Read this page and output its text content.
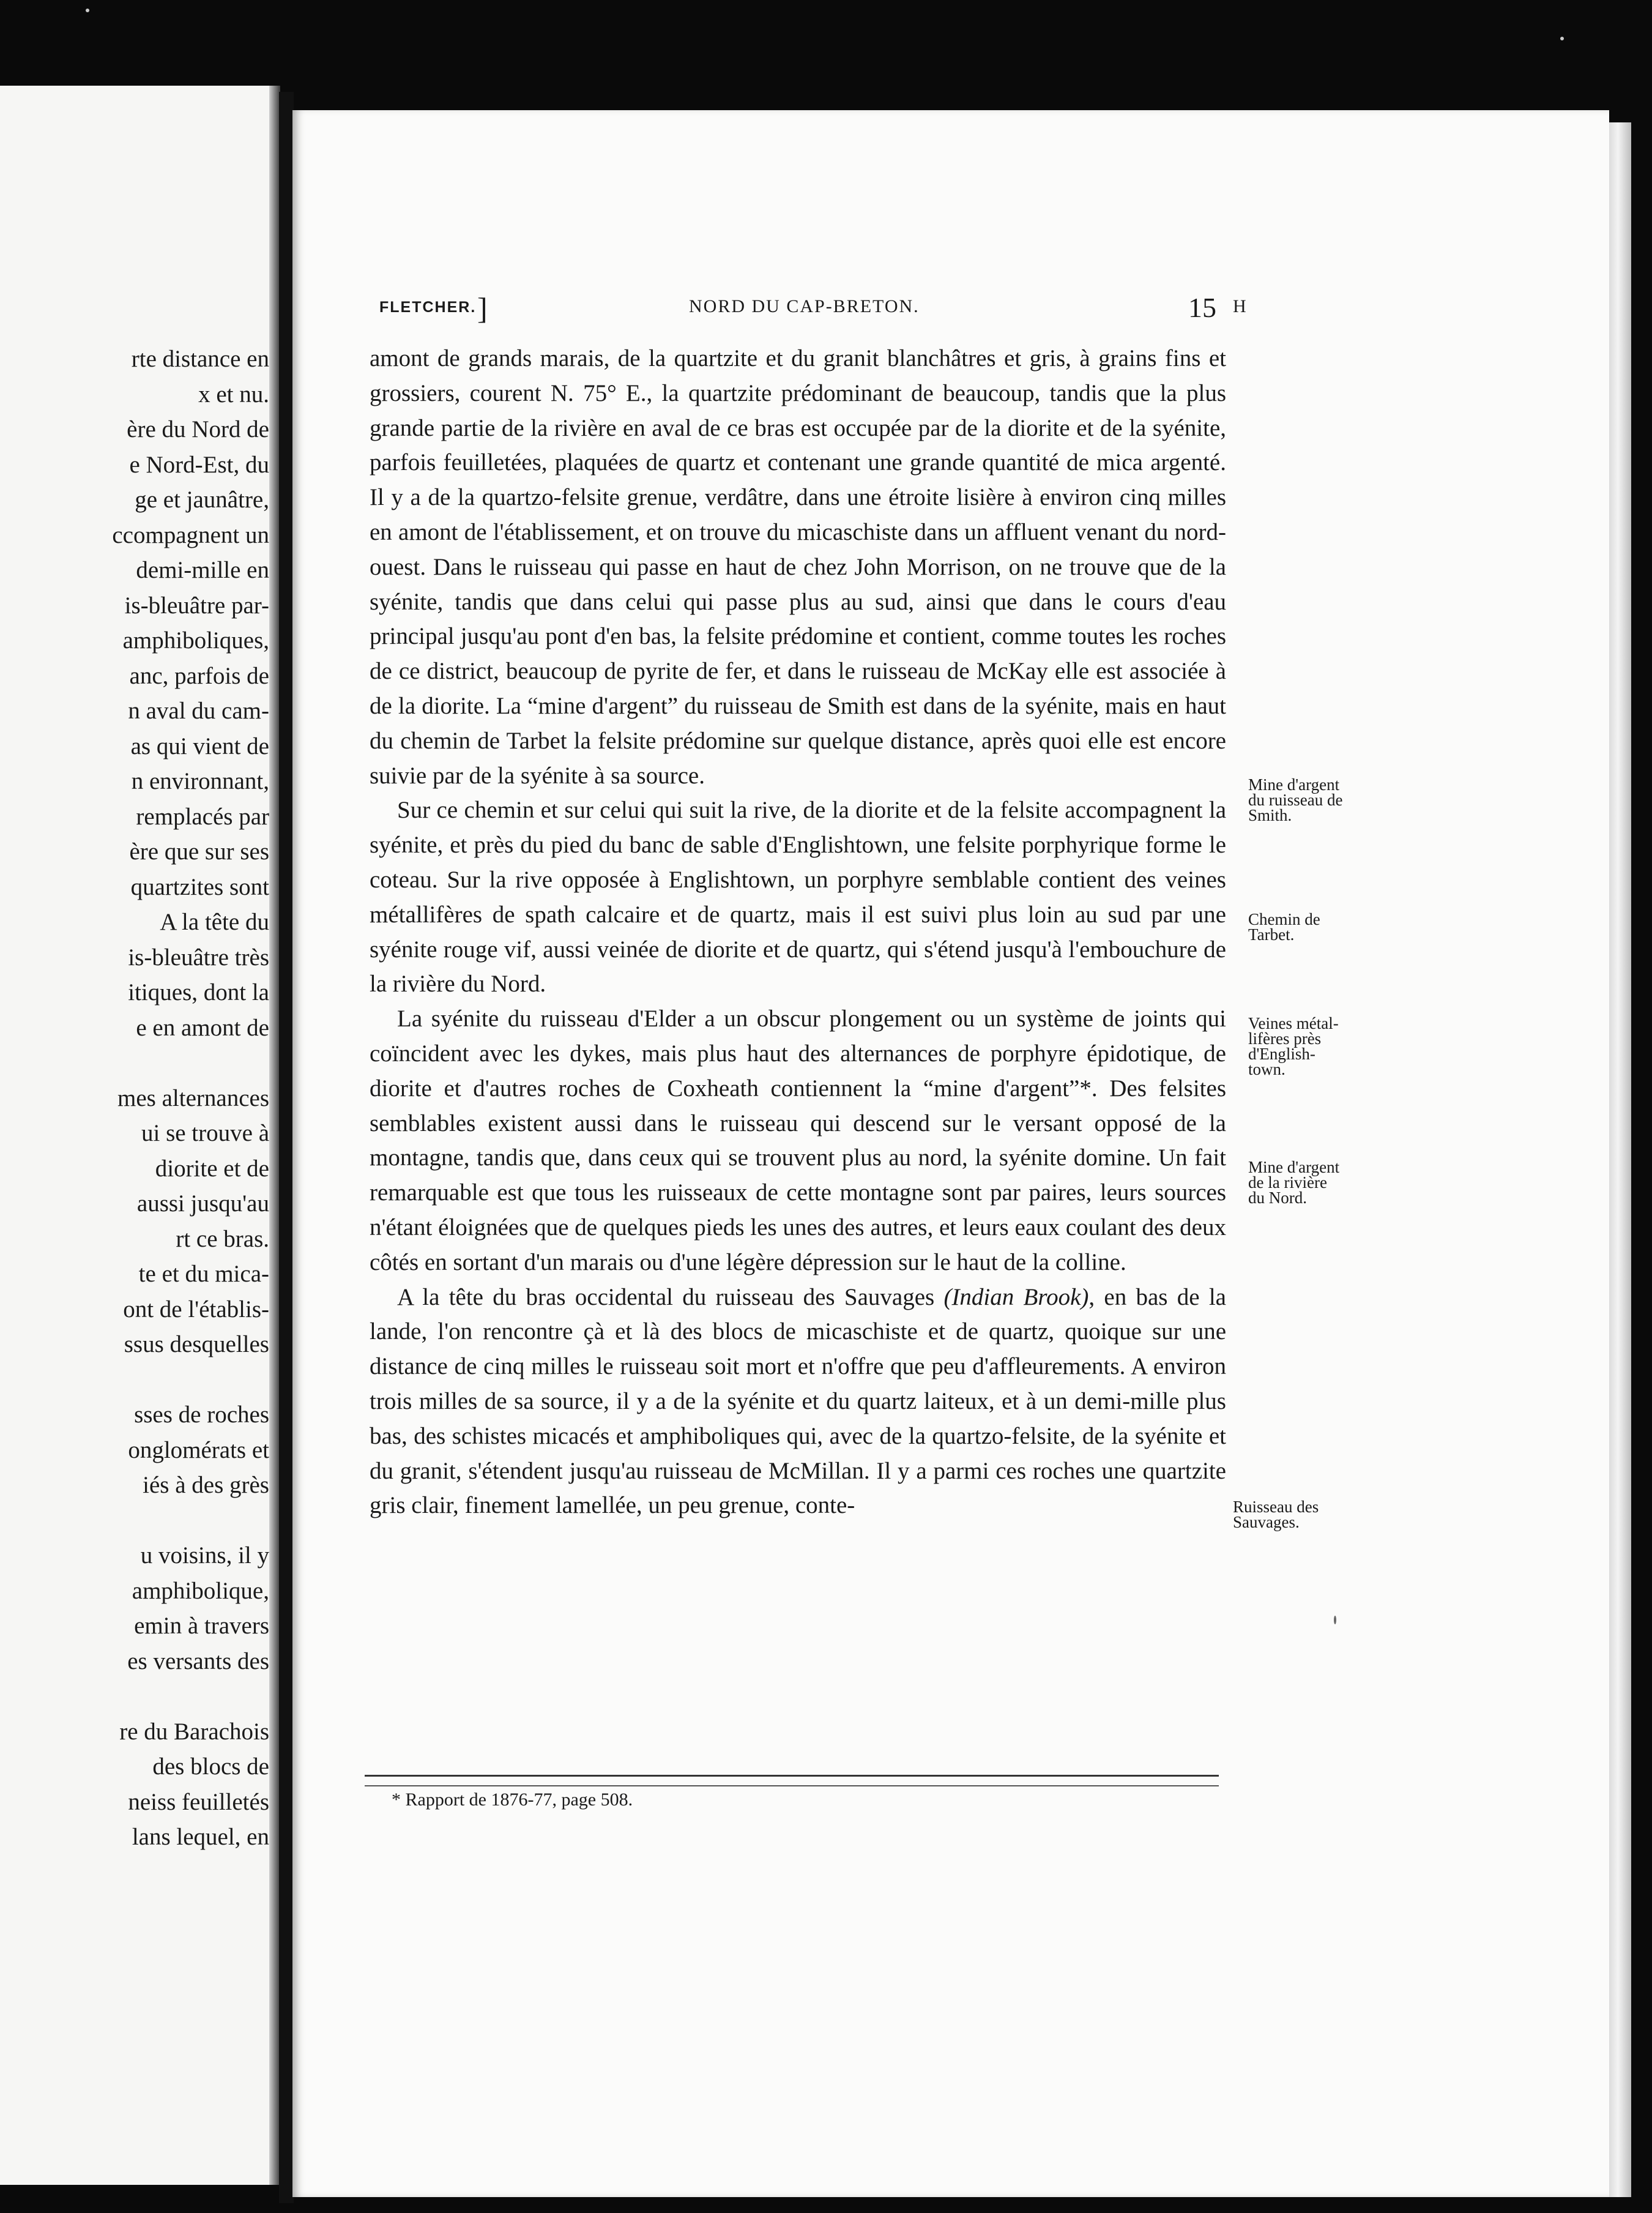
rte distance en
x et nu.
ère du Nord de
e Nord-Est, du
ge et jaunâtre,
ccompagnent un
demi-mille en
is-bleuâtre par-
amphiboliques,
anc, parfois de
n aval du cam-
as qui vient de
n environnant,
remplacés par
ère que sur ses
quartzites sont
A la tête du
is-bleuâtre très
itiques, dont la
e en amont de
mes alternances
ui se trouve à
diorite et de
aussi jusqu'au
rt ce bras.
te et du mica-
ont de l'établis-
ssus desquelles
sses de roches
onglomérats et
iés à des grès
u voisins, il y
amphibolique,
emin à travers
es versants des
re du Barachois
des blocs de
neiss feuilletés
lans lequel, en
FLETCHER. ]	NORD DU CAP-BRETON.	15 H

amont de grands marais, de la quartzite et du granit blanchâtres et gris, à grains fins et grossiers, courent N. 75° E., la quartzite prédominant de beaucoup, tandis que la plus grande partie de la rivière en aval de ce bras est occupée par de la diorite et de la syénite, parfois feuilletées, plaquées de quartz et contenant une grande quantité de mica argenté. Il y a de la quartzo-felsite grenue, verdâtre, dans une étroite lisière à environ cinq milles en amont de l'établissement, et on trouve du micaschiste dans un affluent venant du nord-ouest. Dans le ruisseau qui passe en haut de chez John Morrison, on ne trouve que de la syénite, tandis que dans celui qui passe plus au sud, ainsi que dans le cours d'eau principal jusqu'au pont d'en bas, la felsite prédomine et contient, comme toutes les roches de ce district, beaucoup de pyrite de fer, et dans le ruisseau de McKay elle est associée à de la diorite. La “mine d'argent” du ruisseau de Smith est dans de la syénite, mais en haut du chemin de Tarbet la felsite prédomine sur quelque distance, après quoi elle est encore suivie par de la syénite à sa source.

Sur ce chemin et sur celui qui suit la rive, de la diorite et de la felsite accompagnent la syénite, et près du pied du banc de sable d'Englishtown, une felsite porphyrique forme le coteau. Sur la rive opposée à Englishtown, un porphyre semblable contient des veines métallifères de spath calcaire et de quartz, mais il est suivi plus loin au sud par une syénite rouge vif, aussi veinée de diorite et de quartz, qui s'étend jusqu'à l'embouchure de la rivière du Nord.

La syénite du ruisseau d'Elder a un obscur plongement ou un système de joints qui coïncident avec les dykes, mais plus haut des alternances de porphyre épidotique, de diorite et d'autres roches de Coxheath contiennent la “mine d'argent”*. Des felsites semblables existent aussi dans le ruisseau qui descend sur le versant opposé de la montagne, tandis que, dans ceux qui se trouvent plus au nord, la syénite domine. Un fait remarquable est que tous les ruisseaux de cette montagne sont par paires, leurs sources n'étant éloignées que de quelques pieds les unes des autres, et leurs eaux coulant des deux côtés en sortant d'un marais ou d'une légère dépression sur le haut de la colline.

A la tête du bras occidental du ruisseau des Sauvages (Indian Brook), en bas de la lande, l'on rencontre çà et là des blocs de micaschiste et de quartz, quoique sur une distance de cinq milles le ruisseau soit mort et n'offre que peu d'affleurements. A environ trois milles de sa source, il y a de la syénite et du quartz laiteux, et à un demi-mille plus bas, des schistes micacés et amphiboliques qui, avec de la quartzo-felsite, de la syénite et du granit, s'étendent jusqu'au ruisseau de McMillan. Il y a parmi ces roches une quartzite gris clair, finement lamellée, un peu grenue, conte-

Mine d'argent
du ruisseau de
Smith.
Chemin de
Tarbet.
Veines métal-
lifères près
d'English-
town.
Mine d'argent
de la rivière
du Nord.
Ruisseau des
Sauvages.
* Rapport de 1876-77, page 508.
